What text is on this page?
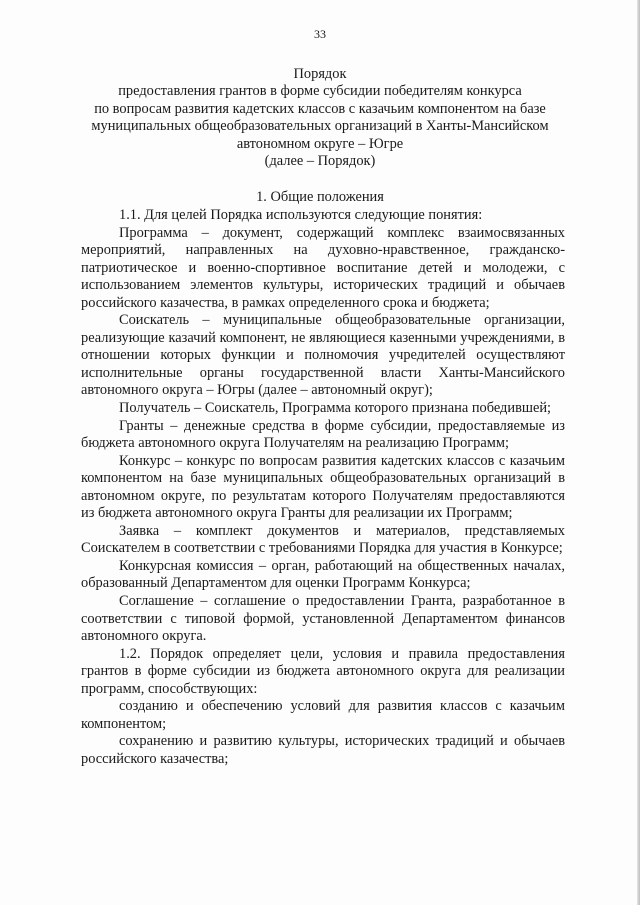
33
Порядок
предоставления грантов в форме субсидии победителям конкурса
по вопросам развития кадетских классов с казачьим компонентом на базе
муниципальных общеобразовательных организаций в Ханты-Мансийском
автономном округе – Югре
(далее – Порядок)
1. Общие положения

1.1. Для целей Порядка используются следующие понятия:

Программа – документ, содержащий комплекс взаимосвязанных мероприятий, направленных на духовно-нравственное, гражданско-патриотическое и военно-спортивное воспитание детей и молодежи, с использованием элементов культуры, исторических традиций и обычаев российского казачества, в рамках определенного срока и бюджета;

Соискатель – муниципальные общеобразовательные организации, реализующие казачий компонент, не являющиеся казенными учреждениями, в отношении которых функции и полномочия учредителей осуществляют исполнительные органы государственной власти Ханты-Мансийского автономного округа – Югры (далее – автономный округ);

Получатель – Соискатель, Программа которого признана победившей;

Гранты – денежные средства в форме субсидии, предоставляемые из бюджета автономного округа Получателям на реализацию Программ;

Конкурс – конкурс по вопросам развития кадетских классов с казачьим компонентом на базе муниципальных общеобразовательных организаций в автономном округе, по результатам которого Получателям предоставляются из бюджета автономного округа Гранты для реализации их Программ;

Заявка – комплект документов и материалов, представляемых Соискателем в соответствии с требованиями Порядка для участия в Конкурсе;

Конкурсная комиссия – орган, работающий на общественных началах, образованный Департаментом для оценки Программ Конкурса;

Соглашение – соглашение о предоставлении Гранта, разработанное в соответствии с типовой формой, установленной Департаментом финансов автономного округа.

1.2. Порядок определяет цели, условия и правила предоставления грантов в форме субсидии из бюджета автономного округа для реализации программ, способствующих:

созданию и обеспечению условий для развития классов с казачьим компонентом;

сохранению и развитию культуры, исторических традиций и обычаев российского казачества;
